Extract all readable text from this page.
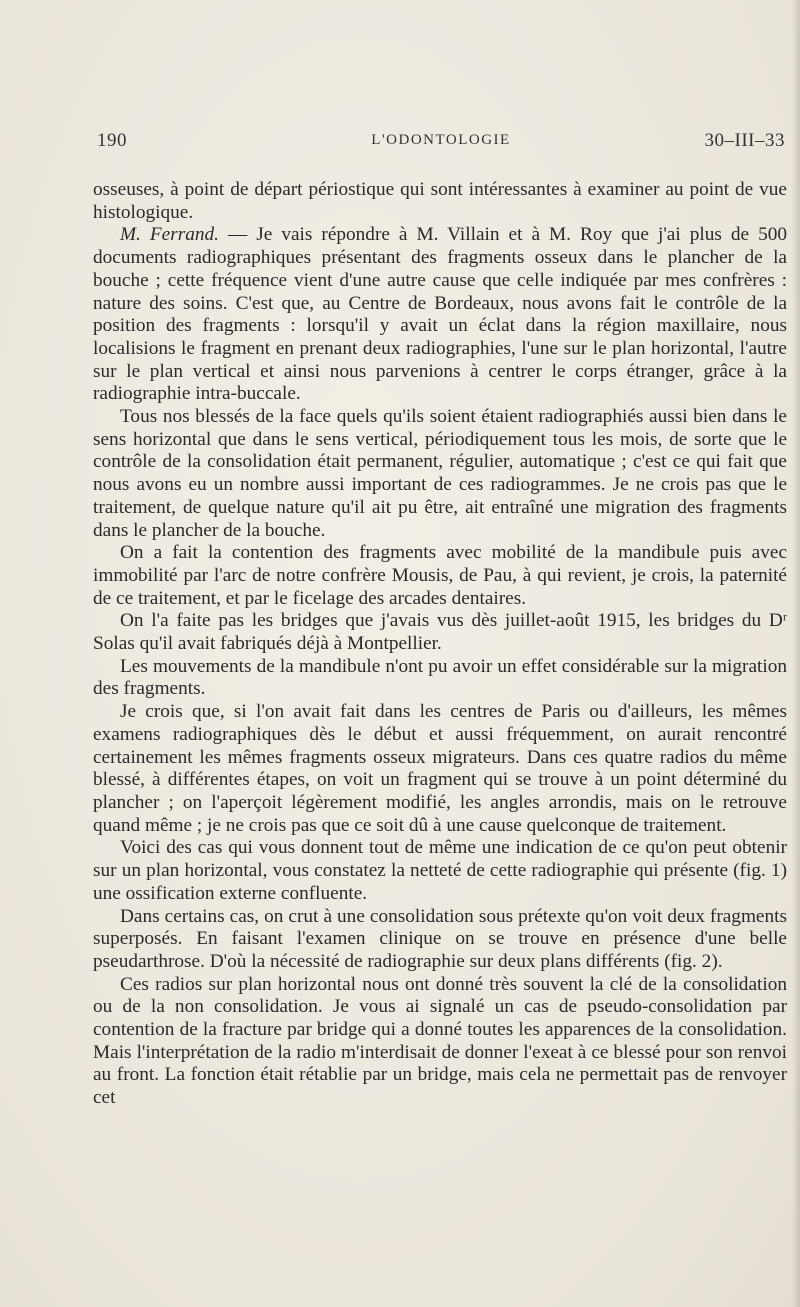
190	L'ODONTOLOGIE	30–III–33

osseuses, à point de départ périostique qui sont intéressantes à examiner au point de vue histologique.

M. Ferrand. — Je vais répondre à M. Villain et à M. Roy que j'ai plus de 500 documents radiographiques présentant des fragments osseux dans le plancher de la bouche ; cette fréquence vient d'une autre cause que celle indiquée par mes confrères : nature des soins. C'est que, au Centre de Bordeaux, nous avons fait le contrôle de la position des fragments : lorsqu'il y avait un éclat dans la région maxillaire, nous localisions le fragment en prenant deux radiographies, l'une sur le plan horizontal, l'autre sur le plan vertical et ainsi nous parvenions à centrer le corps étranger, grâce à la radiographie intra-buccale.

Tous nos blessés de la face quels qu'ils soient étaient radiographiés aussi bien dans le sens horizontal que dans le sens vertical, périodiquement tous les mois, de sorte que le contrôle de la consolidation était permanent, régulier, automatique ; c'est ce qui fait que nous avons eu un nombre aussi important de ces radiogrammes. Je ne crois pas que le traitement, de quelque nature qu'il ait pu être, ait entraîné une migration des fragments dans le plancher de la bouche.

On a fait la contention des fragments avec mobilité de la mandibule puis avec immobilité par l'arc de notre confrère Mousis, de Pau, à qui revient, je crois, la paternité de ce traitement, et par le ficelage des arcades dentaires.

On l'a faite pas les bridges que j'avais vus dès juillet-août 1915, les bridges du Dʳ Solas qu'il avait fabriqués déjà à Montpellier.

Les mouvements de la mandibule n'ont pu avoir un effet considérable sur la migration des fragments.

Je crois que, si l'on avait fait dans les centres de Paris ou d'ailleurs, les mêmes examens radiographiques dès le début et aussi fréquemment, on aurait rencontré certainement les mêmes fragments osseux migrateurs. Dans ces quatre radios du même blessé, à différentes étapes, on voit un fragment qui se trouve à un point déterminé du plancher ; on l'aperçoit légèrement modifié, les angles arrondis, mais on le retrouve quand même ; je ne crois pas que ce soit dû à une cause quelconque de traitement.

Voici des cas qui vous donnent tout de même une indication de ce qu'on peut obtenir sur un plan horizontal, vous constatez la netteté de cette radiographie qui présente (fig. 1) une ossification externe confluente.

Dans certains cas, on crut à une consolidation sous prétexte qu'on voit deux fragments superposés. En faisant l'examen clinique on se trouve en présence d'une belle pseudarthrose. D'où la nécessité de radiographie sur deux plans différents (fig. 2).

Ces radios sur plan horizontal nous ont donné très souvent la clé de la consolidation ou de la non consolidation. Je vous ai signalé un cas de pseudo-consolidation par contention de la fracture par bridge qui a donné toutes les apparences de la consolidation. Mais l'interprétation de la radio m'interdisait de donner l'exeat à ce blessé pour son renvoi au front. La fonction était rétablie par un bridge, mais cela ne permettait pas de renvoyer cet
